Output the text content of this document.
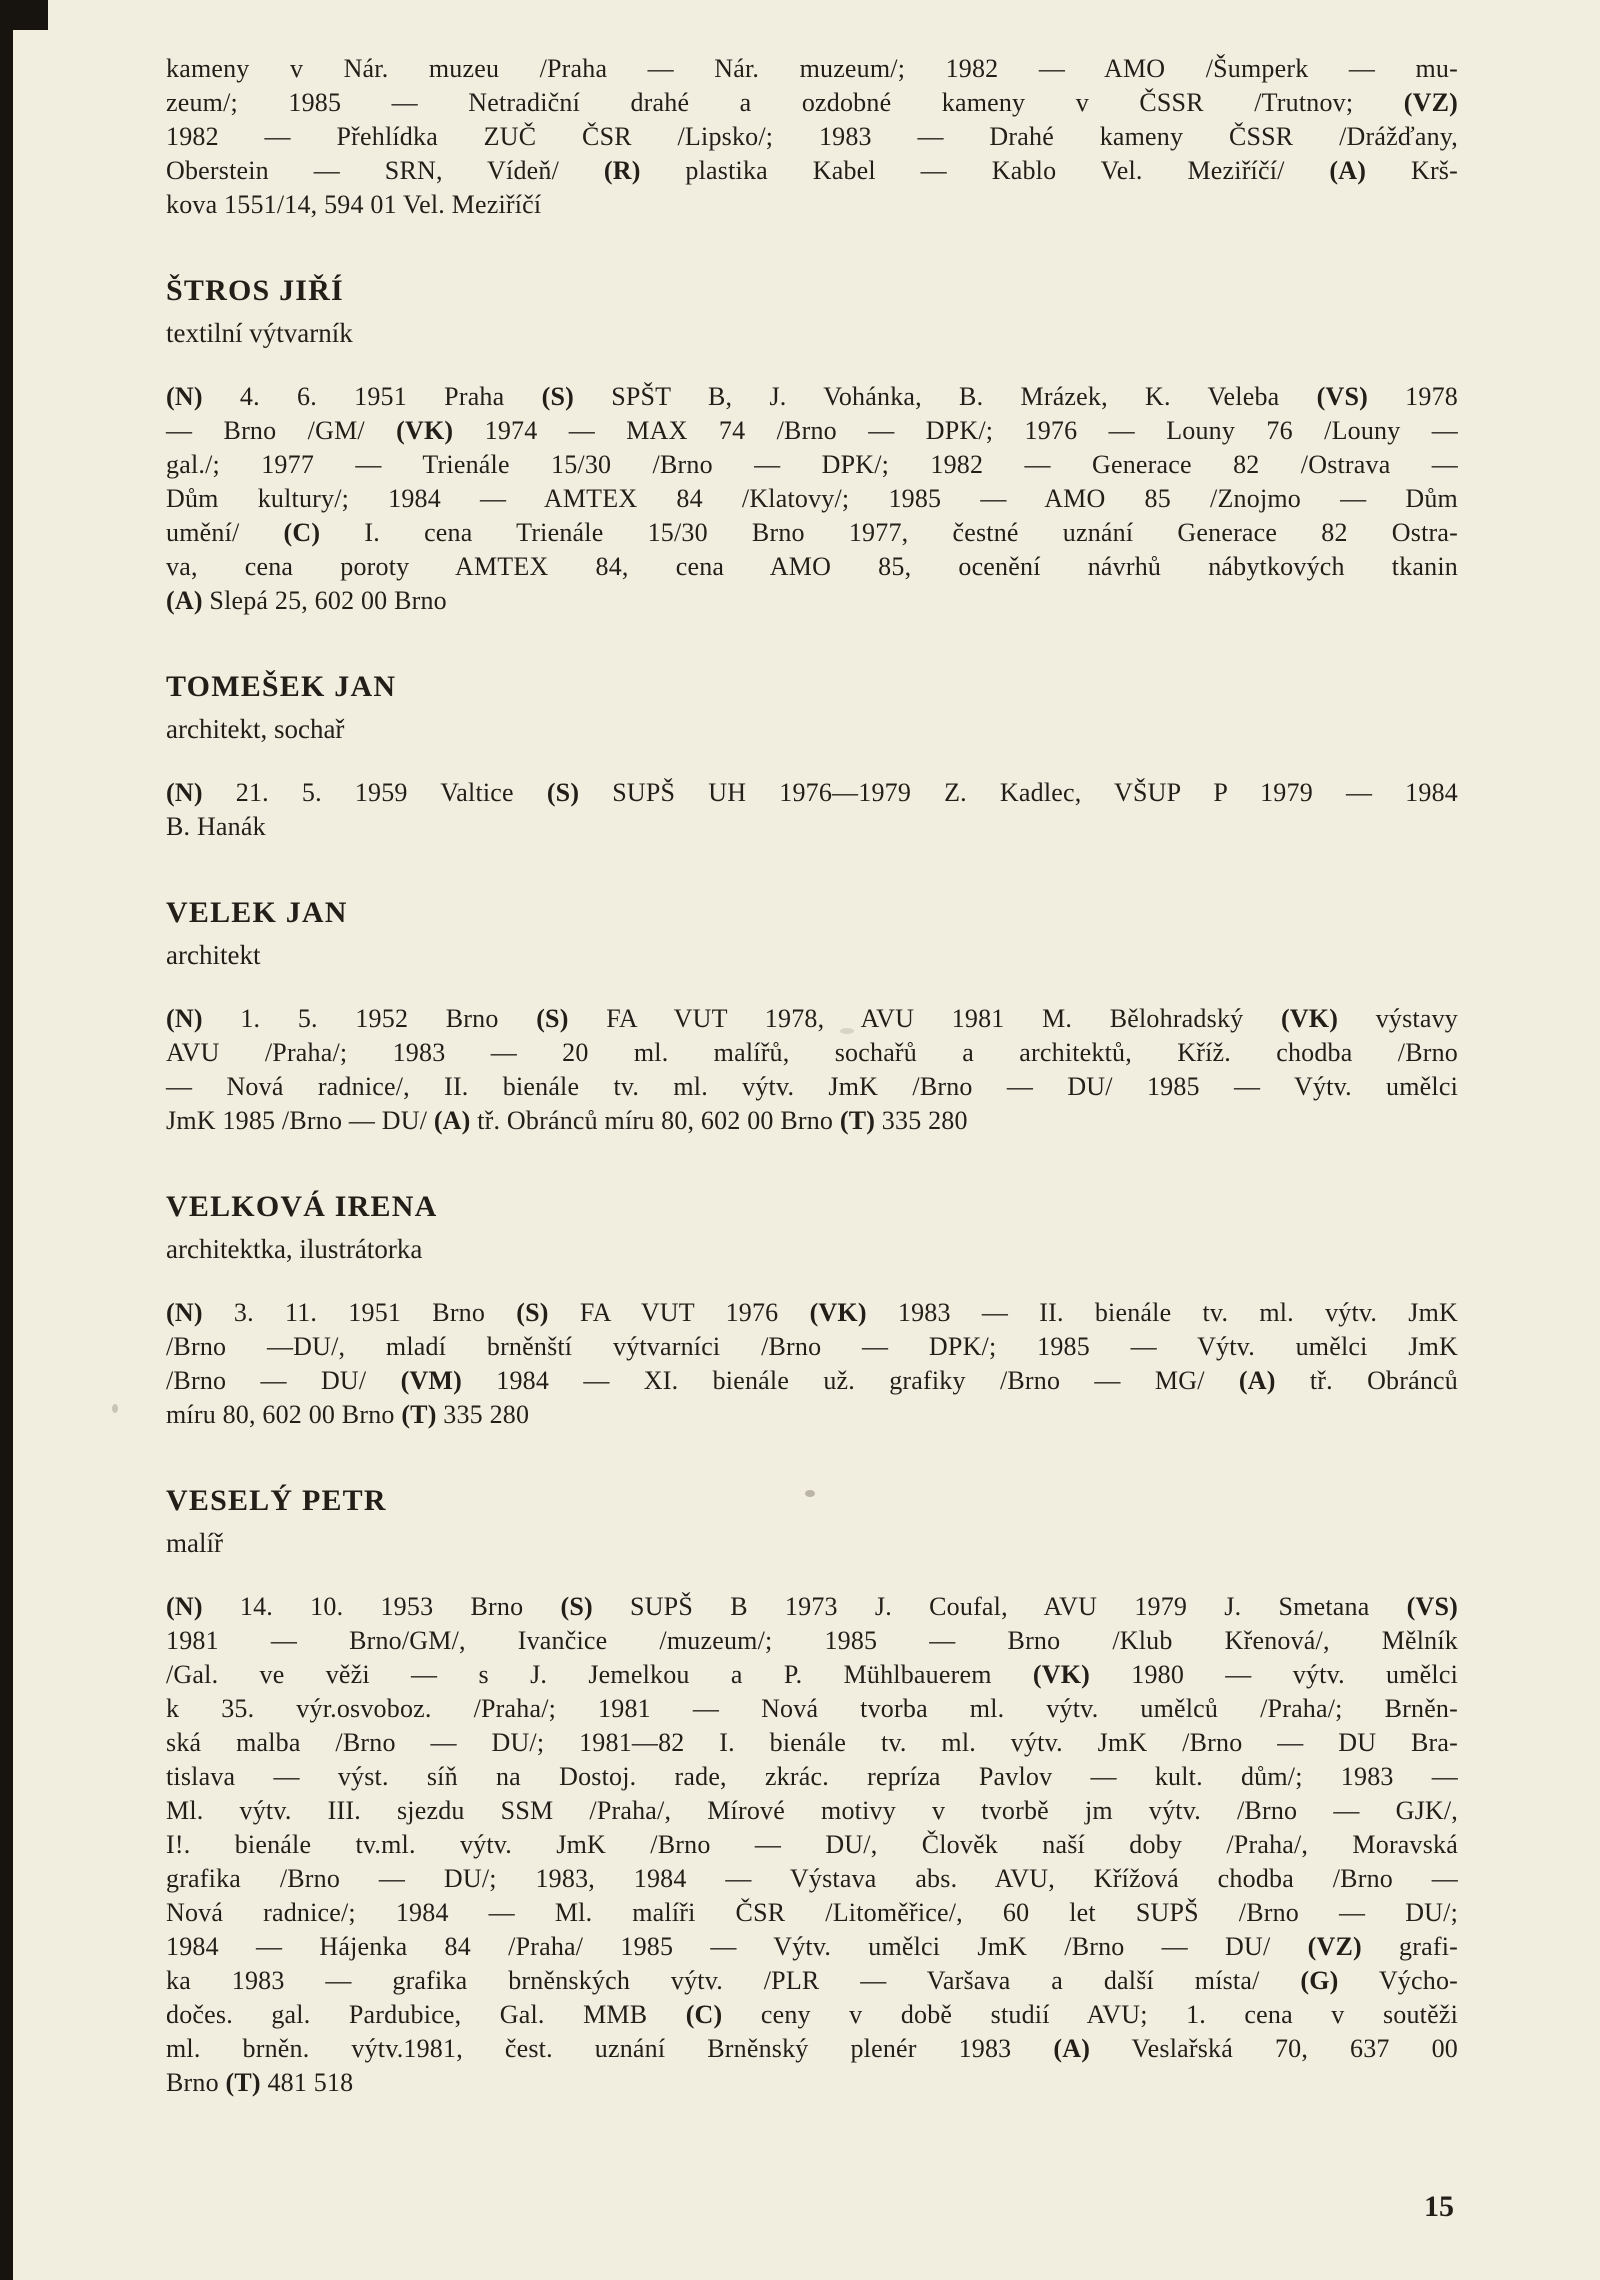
kameny v Nár. muzeu /Praha — Nár. muzeum/; 1982 — AMO /Šumperk — mu-
zeum/; 1985 — Netradiční drahé a ozdobné kameny v ČSSR /Trutnov; (VZ)
1982 — Přehlídka ZUČ ČSR /Lipsko/; 1983 — Drahé kameny ČSSR /Drážďany,
Oberstein — SRN, Vídeň/ (R) plastika Kabel — Kablo Vel. Meziříčí/ (A) Krš-
kova 1551/14, 594 01 Vel. Meziříčí
ŠTROS JIŘÍ
textilní výtvarník
(N) 4. 6. 1951 Praha (S) SPŠT B, J. Vohánka, B. Mrázek, K. Veleba (VS) 1978
— Brno /GM/ (VK) 1974 — MAX 74 /Brno — DPK/; 1976 — Louny 76 /Louny —
gal./; 1977 — Trienále 15/30 /Brno — DPK/; 1982 — Generace 82 /Ostrava —
Dům kultury/; 1984 — AMTEX 84 /Klatovy/; 1985 — AMO 85 /Znojmo — Dům
umění/ (C) I. cena Trienále 15/30 Brno 1977, čestné uznání Generace 82 Ostra-
va, cena poroty AMTEX 84, cena AMO 85, ocenění návrhů nábytkových tkanin
(A) Slepá 25, 602 00 Brno
TOMEŠEK JAN
architekt, sochař
(N) 21. 5. 1959 Valtice (S) SUPŠ UH 1976—1979 Z. Kadlec, VŠUP P 1979 — 1984
B. Hanák
VELEK JAN
architekt
(N) 1. 5. 1952 Brno (S) FA VUT 1978, AVU 1981 M. Bělohradský (VK) výstavy
AVU /Praha/; 1983 — 20 ml. malířů, sochařů a architektů, Kříž. chodba /Brno
— Nová radnice/, II. bienále tv. ml. výtv. JmK /Brno — DU/ 1985 — Výtv. umělci
JmK 1985 /Brno — DU/ (A) tř. Obránců míru 80, 602 00 Brno (T) 335 280
VELKOVÁ IRENA
architektka, ilustrátorka
(N) 3. 11. 1951 Brno (S) FA VUT 1976 (VK) 1983 — II. bienále tv. ml. výtv. JmK
/Brno —DU/, mladí brněnští výtvarníci /Brno — DPK/; 1985 — Výtv. umělci JmK
/Brno — DU/ (VM) 1984 — XI. bienále už. grafiky /Brno — MG/ (A) tř. Obránců
míru 80, 602 00 Brno (T) 335 280
VESELÝ PETR
malíř
(N) 14. 10. 1953 Brno (S) SUPŠ B 1973 J. Coufal, AVU 1979 J. Smetana (VS)
1981 — Brno/GM/, Ivančice /muzeum/; 1985 — Brno /Klub Křenová/, Mělník
/Gal. ve věži — s J. Jemelkou a P. Mühlbauerem (VK) 1980 — výtv. umělci
k 35. výr.osvoboz. /Praha/; 1981 — Nová tvorba ml. výtv. umělců /Praha/; Brněn-
ská malba /Brno — DU/; 1981—82 I. bienále tv. ml. výtv. JmK /Brno — DU Bra-
tislava — výst. síň na Dostoj. rade, zkrác. repríza Pavlov — kult. dům/; 1983 —
Ml. výtv. III. sjezdu SSM /Praha/, Mírové motivy v tvorbě jm výtv. /Brno — GJK/,
I!. bienále tv.ml. výtv. JmK /Brno — DU/, Člověk naší doby /Praha/, Moravská
grafika /Brno — DU/; 1983, 1984 — Výstava abs. AVU, Křížová chodba /Brno —
Nová radnice/; 1984 — Ml. malíři ČSR /Litoměřice/, 60 let SUPŠ /Brno — DU/;
1984 — Hájenka 84 /Praha/ 1985 — Výtv. umělci JmK /Brno — DU/ (VZ) grafi-
ka 1983 — grafika brněnských výtv. /PLR — Varšava a další místa/ (G) Výcho-
dočes. gal. Pardubice, Gal. MMB (C) ceny v době studií AVU; 1. cena v soutěži
ml. brněn. výtv.1981, čest. uznání Brněnský plenér 1983 (A) Veslařská 70, 637 00
Brno (T) 481 518
15
